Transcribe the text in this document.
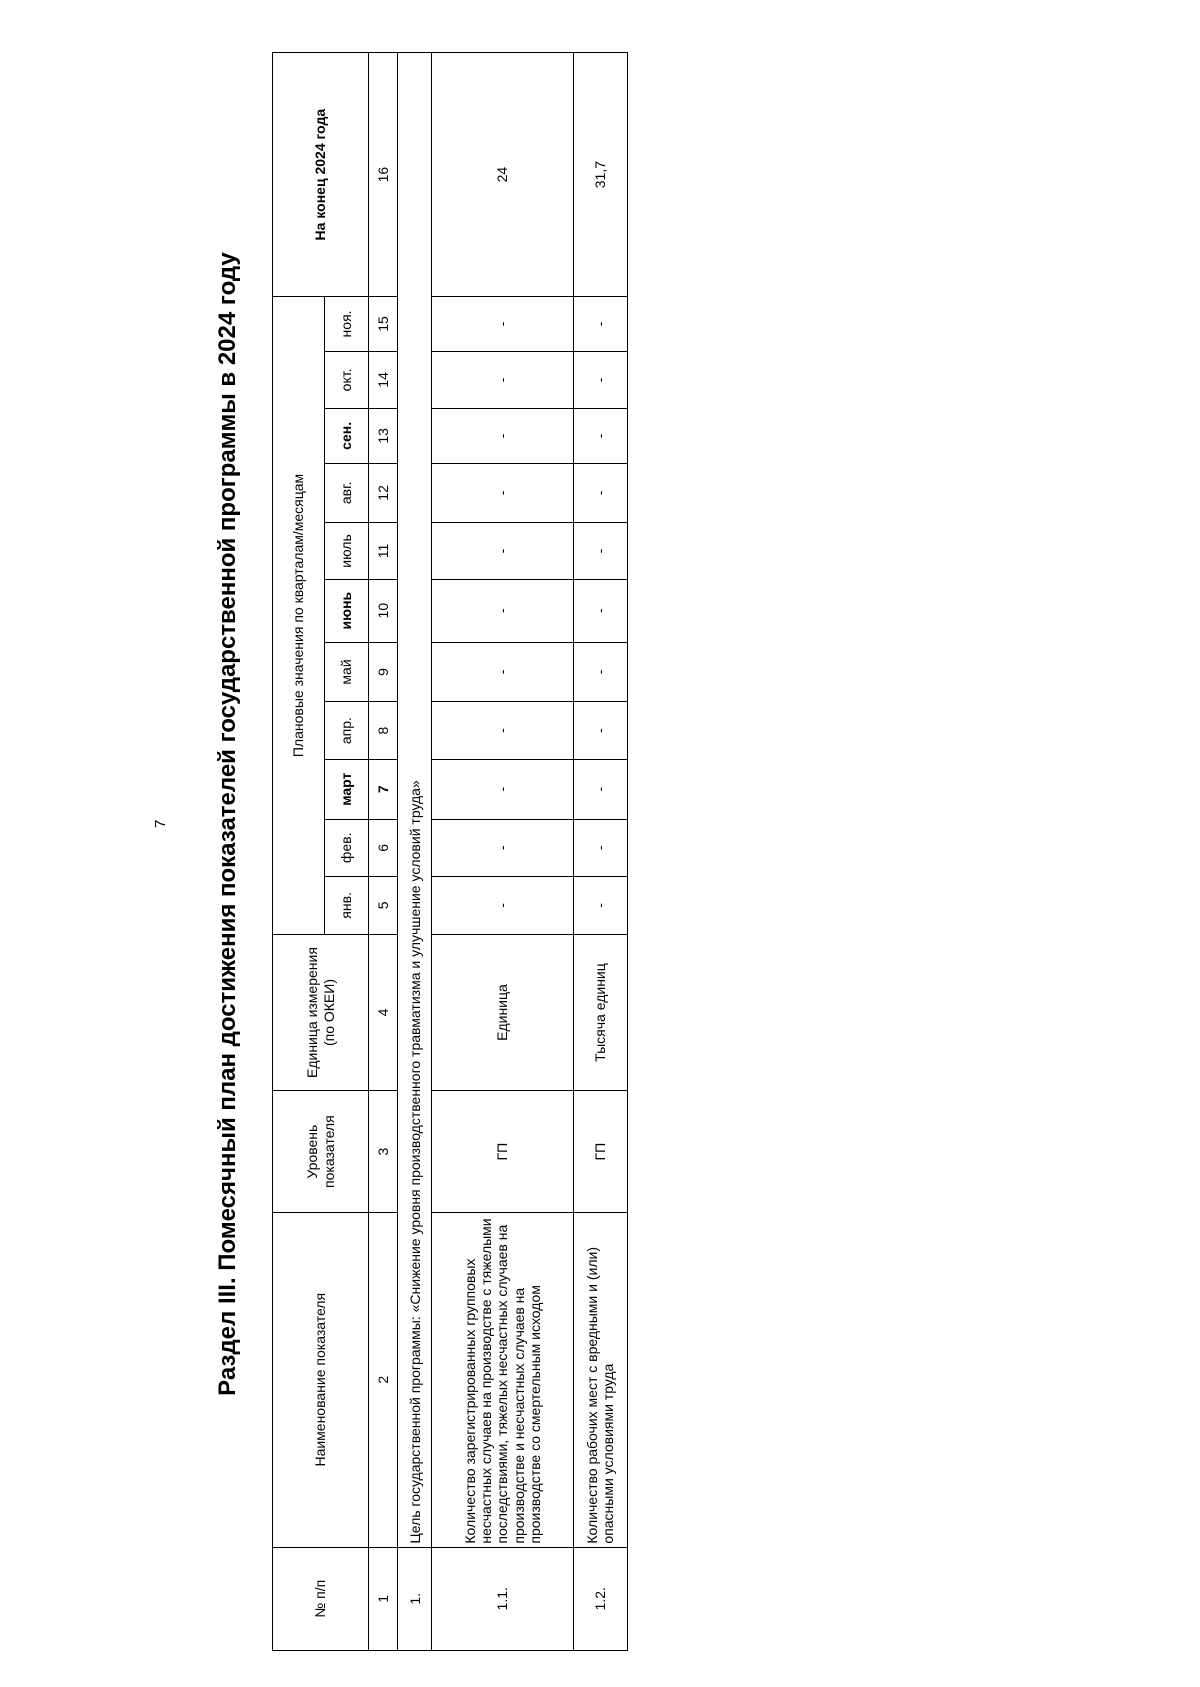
7 Раздел III. Помесячный план достижения показателей государственной программы в 2024 году
№ п/п	Наименование показателя	Уровень показателя	Единица измерения (по ОКЕИ)	Плановые значения по кварталам/месяцам											На конец 2024 года
				янв.	фев.	март	апр.	май	июнь	июль	авг.	сен.	окт.	ноя.	
1	2	3	4	5	6	7	8	9	10	11	12	13	14	15	16
1.	Цель государственной программы: «Снижение уровня производственного травматизма и улучшение условий труда»														
1.1.	Количество зарегистрированных групповых несчастных случаев на производстве с тяжелыми последствиями, тяжелых несчастных случаев на производстве и несчастных случаев на производстве со смертельным исходом	ГП	Единица	-	-	-	-	-	-	-	-	-	-	-	24
1.2.	Количество рабочих мест с вредными и (или) опасными условиями труда	ГП	Тысяча единиц	-	-	-	-	-	-	-	-	-	-	-	31,7
